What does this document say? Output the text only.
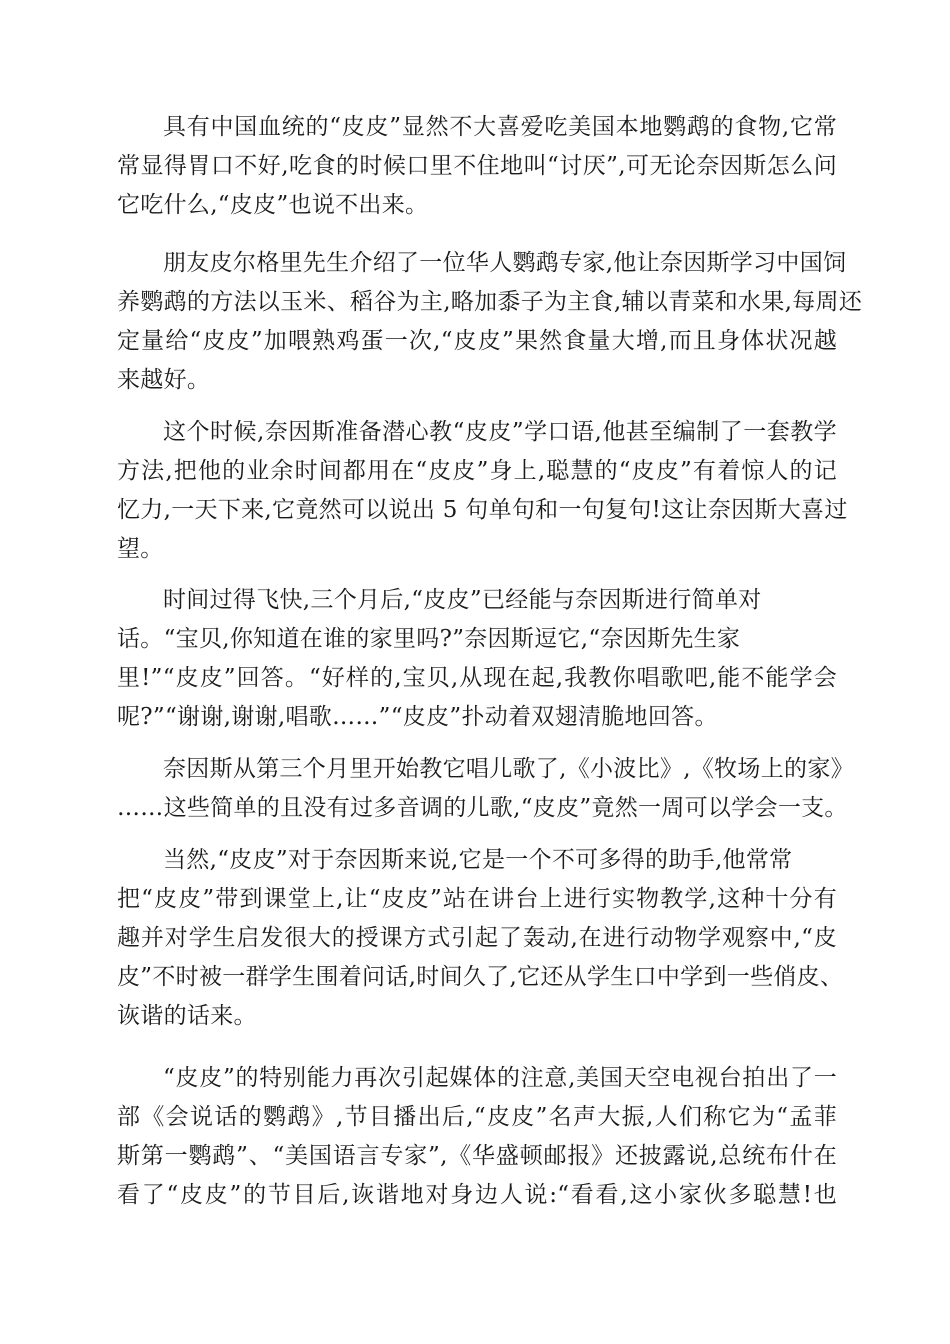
具有中国血统的“皮皮”显然不大喜爱吃美国本地鹦鹉的食物,它常
常显得胃口不好,吃食的时候口里不住地叫“讨厌”,可无论奈因斯怎么问
它吃什么,“皮皮”也说不出来。

朋友皮尔格里先生介绍了一位华人鹦鹉专家,他让奈因斯学习中国饲
养鹦鹉的方法以玉米、稻谷为主,略加黍子为主食,辅以青菜和水果,每周还
定量给“皮皮”加喂熟鸡蛋一次,“皮皮”果然食量大增,而且身体状况越
来越好。

这个时候,奈因斯准备潜心教“皮皮”学口语,他甚至编制了一套教学
方法,把他的业余时间都用在“皮皮”身上,聪慧的“皮皮”有着惊人的记
忆力,一天下来,它竟然可以说出 5 句单句和一句复句!这让奈因斯大喜过
望。

时间过得飞快,三个月后,“皮皮”已经能与奈因斯进行简单对
话。“宝贝,你知道在谁的家里吗?”奈因斯逗它,“奈因斯先生家
里!”“皮皮”回答。“好样的,宝贝,从现在起,我教你唱歌吧,能不能学会
呢?”“谢谢,谢谢,唱歌……”“皮皮”扑动着双翅清脆地回答。

奈因斯从第三个月里开始教它唱儿歌了,《小波比》,《牧场上的家》
……这些简单的且没有过多音调的儿歌,“皮皮”竟然一周可以学会一支。

当然,“皮皮”对于奈因斯来说,它是一个不可多得的助手,他常常
把“皮皮”带到课堂上,让“皮皮”站在讲台上进行实物教学,这种十分有
趣并对学生启发很大的授课方式引起了轰动,在进行动物学观察中,“皮
皮”不时被一群学生围着问话,时间久了,它还从学生口中学到一些俏皮、
诙谐的话来。

“皮皮”的特别能力再次引起媒体的注意,美国天空电视台拍出了一
部《会说话的鹦鹉》,节目播出后,“皮皮”名声大振,人们称它为“孟菲
斯第一鹦鹉”、“美国语言专家”,《华盛顿邮报》还披露说,总统布什在
看了“皮皮”的节目后,诙谐地对身边人说:“看看,这小家伙多聪慧!也
